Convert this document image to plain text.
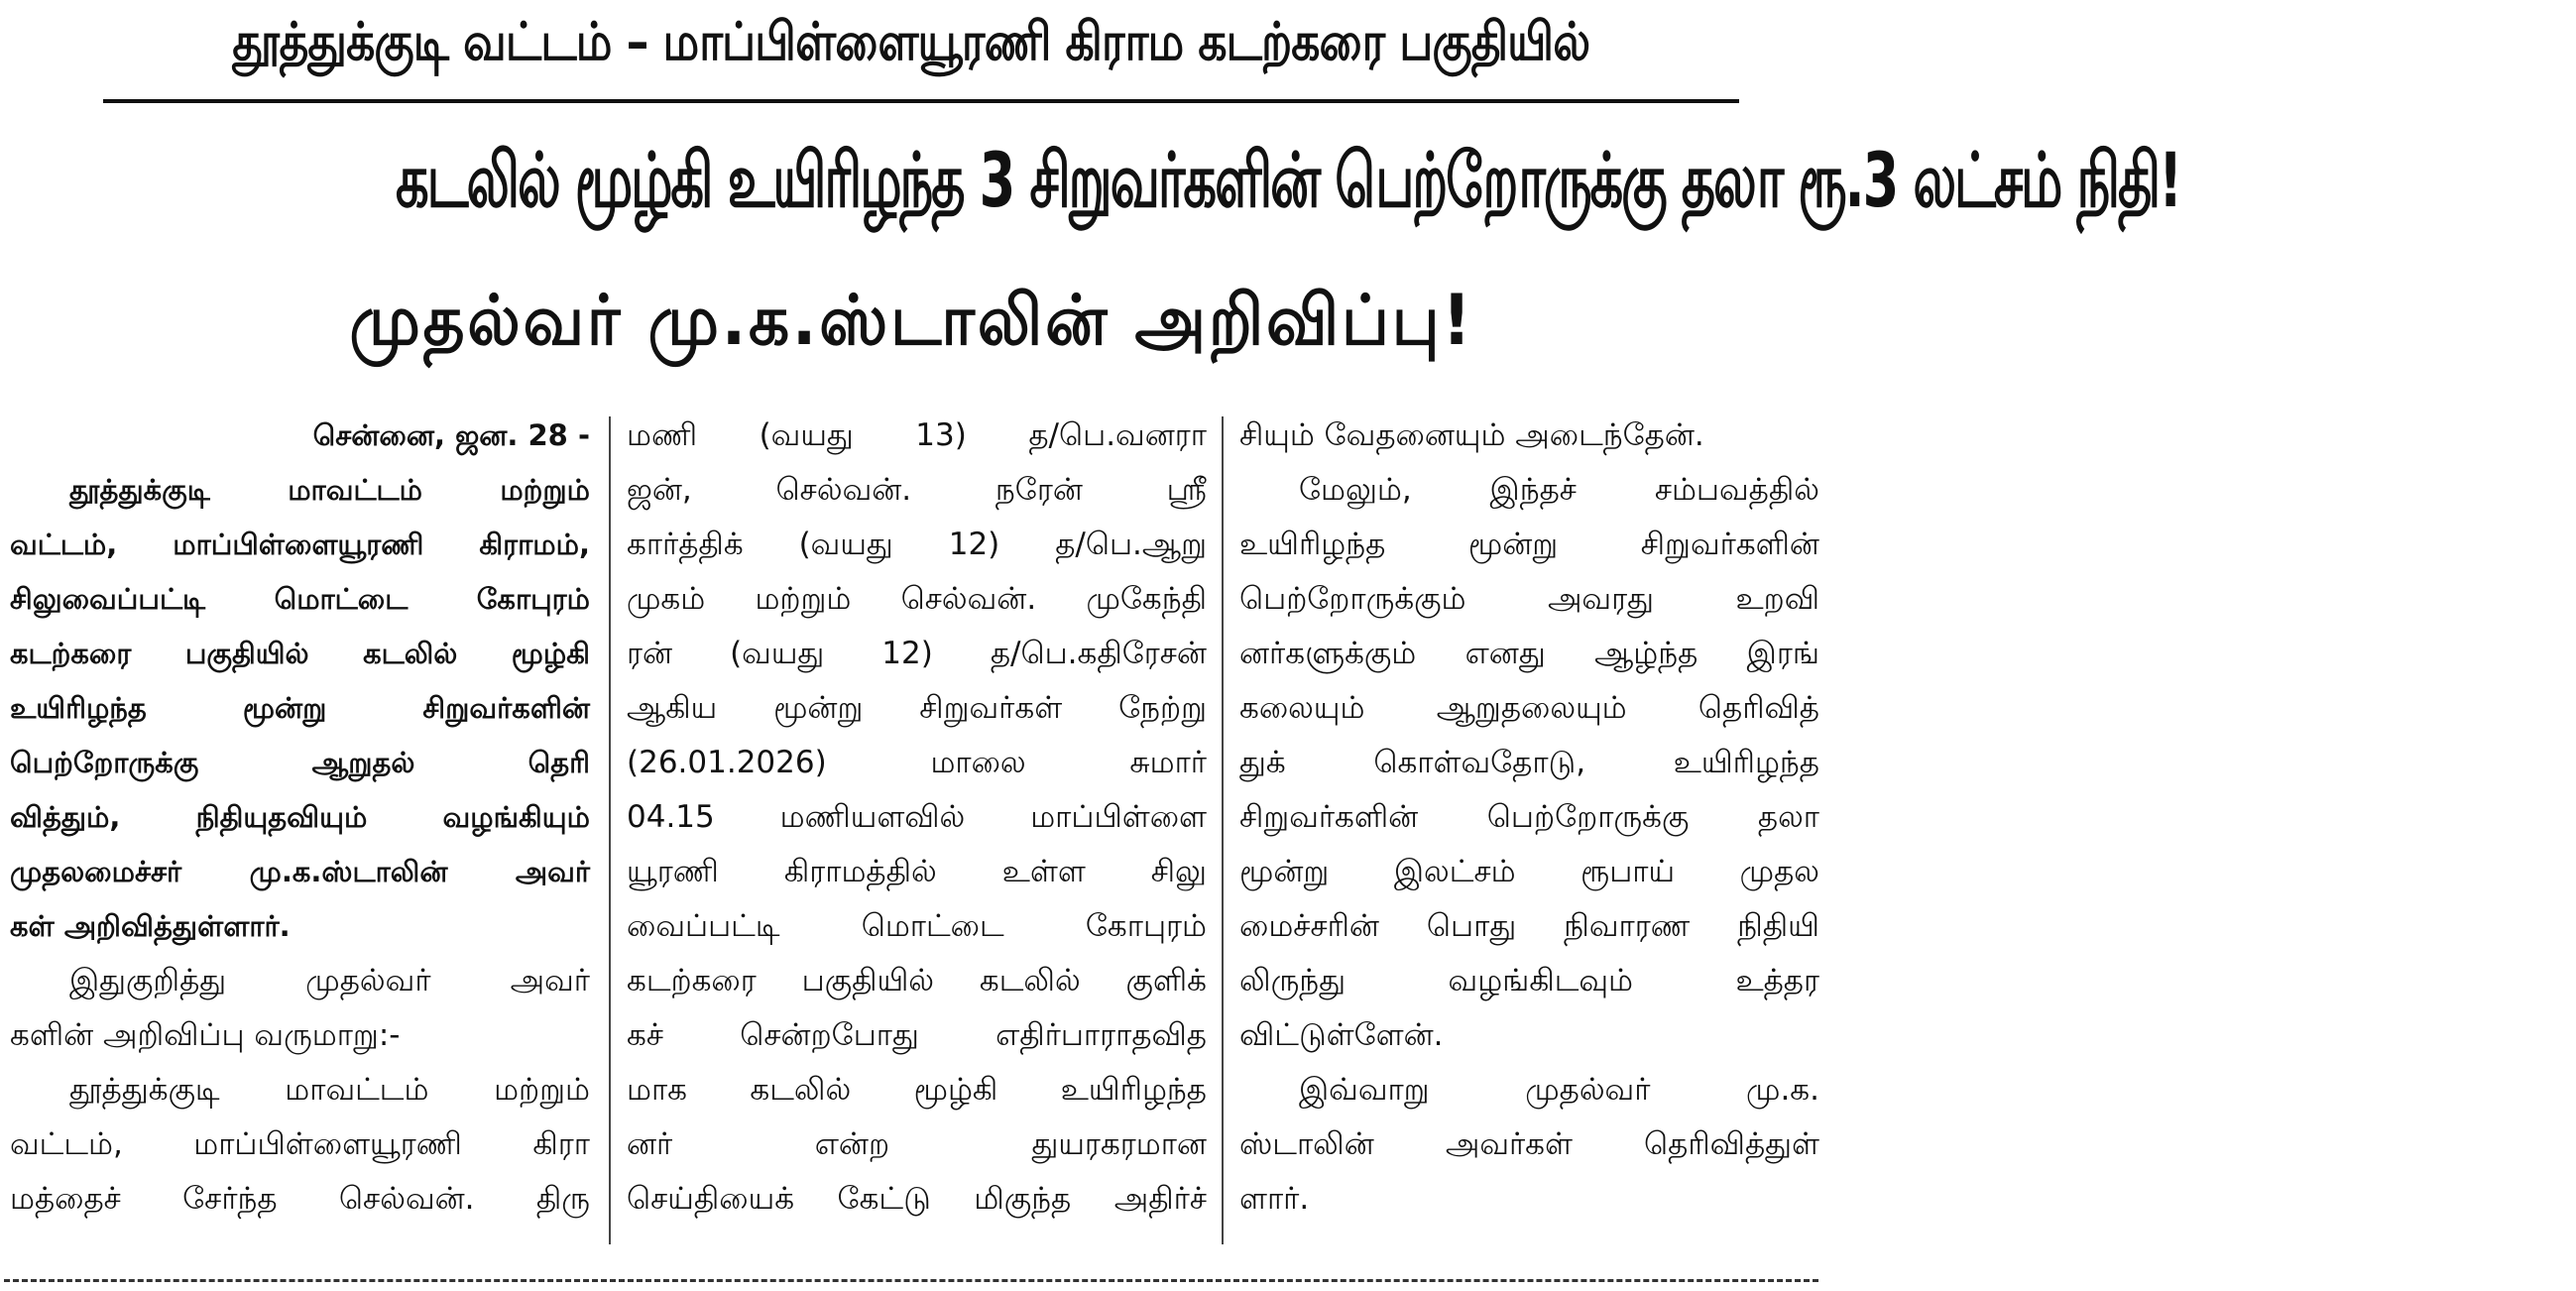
தூத்துக்குடி வட்டம் – மாப்பிள்ளையூரணி கிராம கடற்கரை பகுதியில்
கடலில் மூழ்கி உயிரிழந்த 3 சிறுவர்களின் பெற்றோருக்கு தலா ரூ.3 லட்சம் நிதி!
முதல்வர் மு.க.ஸ்டாலின் அறிவிப்பு!
சென்னை, ஜன. 28 -
தூத்துக்குடி மாவட்டம் மற்றும்
வட்டம், மாப்பிள்ளையூரணி கிராமம்,
சிலுவைப்பட்டி மொட்டை கோபுரம்
கடற்கரை பகுதியில் கடலில் மூழ்கி
உயிரிழந்த மூன்று சிறுவர்களின்
பெற்றோருக்கு ஆறுதல் தெரி
வித்தும், நிதியுதவியும் வழங்கியும்
முதலமைச்சர் மு.க.ஸ்டாலின் அவர்
கள் அறிவித்துள்ளார்.
இதுகுறித்து முதல்வர் அவர்
களின் அறிவிப்பு வருமாறு:-
தூத்துக்குடி மாவட்டம் மற்றும்
வட்டம், மாப்பிள்ளையூரணி கிரா
மத்தைச் சேர்ந்த செல்வன். திரு
மணி (வயது 13) த/பெ.வனரா
ஜன், செல்வன். நரேன் ஸ்ரீ
கார்த்திக் (வயது 12) த/பெ.ஆறு
முகம் மற்றும் செல்வன். முகேந்தி
ரன் (வயது 12) த/பெ.கதிரேசன்
ஆகிய மூன்று சிறுவர்கள் நேற்று
(26.01.2026) மாலை சுமார்
04.15 மணியளவில் மாப்பிள்ளை
யூரணி கிராமத்தில் உள்ள சிலு
வைப்பட்டி மொட்டை கோபுரம்
கடற்கரை பகுதியில் கடலில் குளிக்
கச் சென்றபோது எதிர்பாராதவித
மாக கடலில் மூழ்கி உயிரிழந்த
னர் என்ற துயரகரமான
செய்தியைக் கேட்டு மிகுந்த அதிர்ச்
சியும் வேதனையும் அடைந்தேன்.
மேலும், இந்தச் சம்பவத்தில்
உயிரிழந்த மூன்று சிறுவர்களின்
பெற்றோருக்கும் அவரது உறவி
னர்களுக்கும் எனது ஆழ்ந்த இரங்
கலையும் ஆறுதலையும் தெரிவித்
துக் கொள்வதோடு, உயிரிழந்த
சிறுவர்களின் பெற்றோருக்கு தலா
மூன்று இலட்சம் ரூபாய் முதல
மைச்சரின் பொது நிவாரண நிதியி
லிருந்து வழங்கிடவும் உத்தர
விட்டுள்ளேன்.
இவ்வாறு முதல்வர் மு.க.
ஸ்டாலின் அவர்கள் தெரிவித்துள்
ளார்.
